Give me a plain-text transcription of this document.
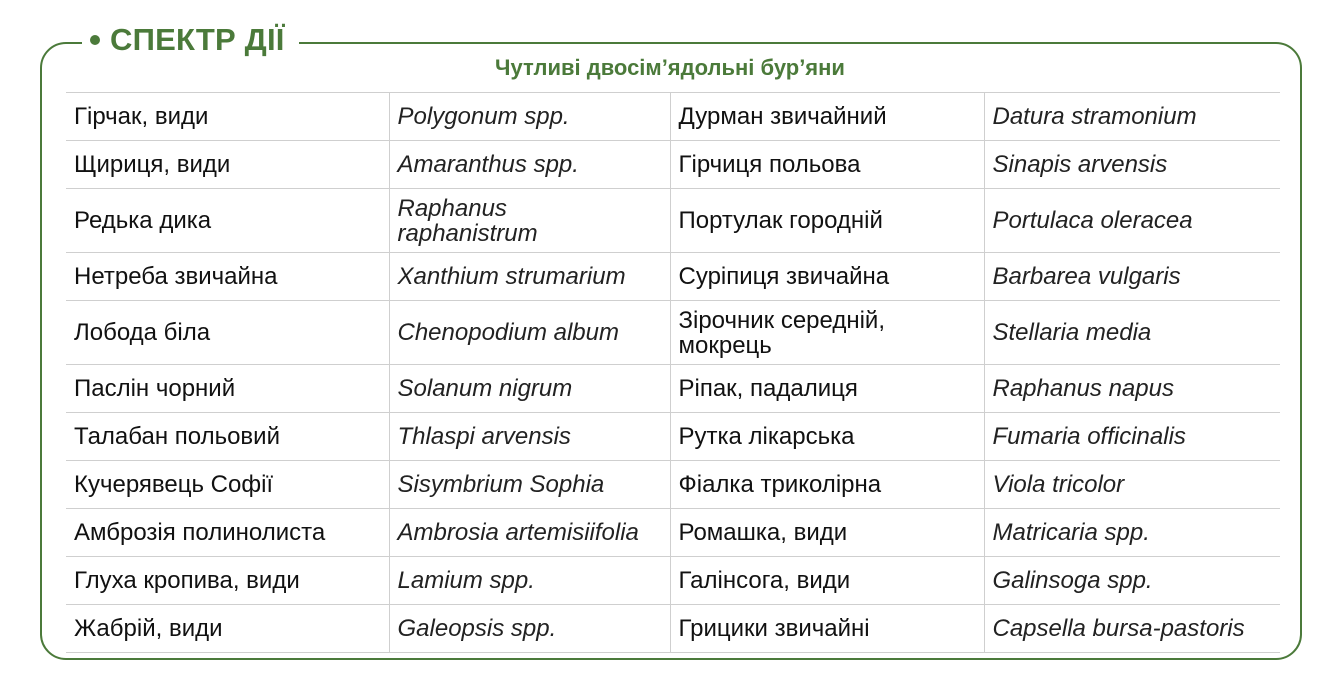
СПЕКТР ДІЇ
Чутливі двосім’ядольні бур’яни
Гірчак, види	Polygonum spp.	Дурман звичайний	Datura stramonium
Щириця, види	Amaranthus spp.	Гірчиця польова	Sinapis arvensis
Редька дика	Raphanus raphanistrum	Портулак городній	Portulaca oleracea
Нетреба звичайна	Xanthium strumarium	Суріпиця звичайна	Barbarea vulgaris
Лобода біла	Chenopodium album	Зірочник середній, мокрець	Stellaria media
Паслін чорний	Solanum nigrum	Ріпак, падалиця	Raphanus napus
Талабан польовий	Thlaspi arvensis	Рутка лікарська	Fumaria officinalis
Кучерявець Софії	Sisymbrium Sophia	Фіалка триколірна	Viola tricolor
Амброзія полинолиста	Ambrosia artemisiifolia	Ромашка, види	Matricaria spp.
Глуха кропива, види	Lamium spp.	Галінсога, види	Galinsoga spp.
Жабрій, види	Galeopsis spp.	Грицики звичайні	Capsella bursa-pastoris
